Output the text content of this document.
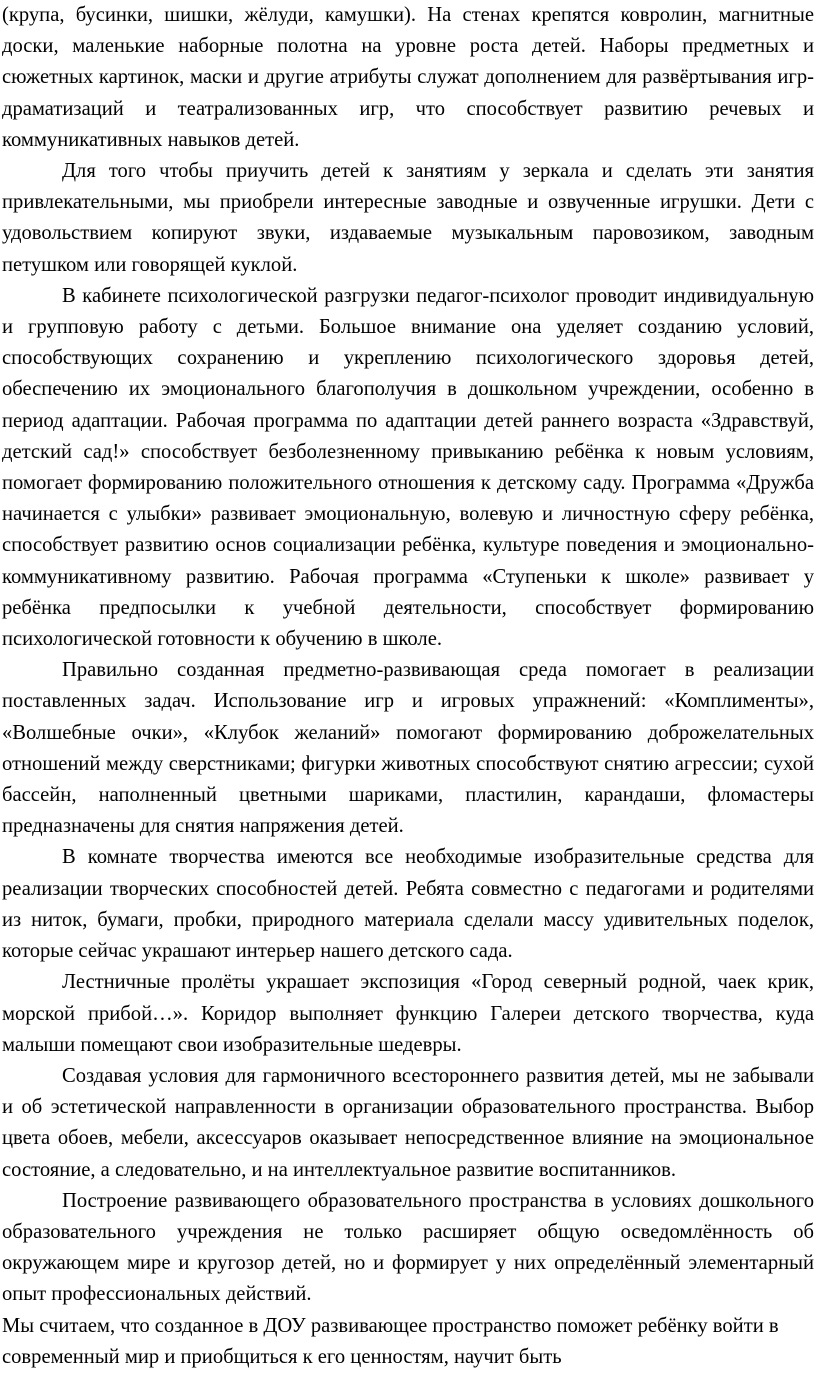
(крупа, бусинки, шишки, жёлуди, камушки). На стенах крепятся ковролин, магнитные доски, маленькие наборные полотна на уровне роста детей. Наборы предметных и сюжетных картинок, маски и другие атрибуты служат дополнением для развёртывания игр-драматизаций и театрализованных игр, что способствует развитию речевых и коммуникативных навыков детей.

Для того чтобы приучить детей к занятиям у зеркала и сделать эти занятия привлекательными, мы приобрели интересные заводные и озвученные игрушки. Дети с удовольствием копируют звуки, издаваемые музыкальным паровозиком, заводным петушком или говорящей куклой.

В кабинете психологической разгрузки педагог-психолог проводит индивидуальную и групповую работу с детьми. Большое внимание она уделяет созданию условий, способствующих сохранению и укреплению психологического здоровья детей, обеспечению их эмоционального благополучия в дошкольном учреждении, особенно в период адаптации. Рабочая программа по адаптации детей раннего возраста «Здравствуй, детский сад!» способствует безболезненному привыканию ребёнка к новым условиям, помогает формированию положительного отношения к детскому саду. Программа «Дружба начинается с улыбки» развивает эмоциональную, волевую и личностную сферу ребёнка, способствует развитию основ социализации ребёнка, культуре поведения и эмоционально-коммуникативному развитию. Рабочая программа «Ступеньки к школе» развивает у ребёнка предпосылки к учебной деятельности, способствует формированию психологической готовности к обучению в школе.

Правильно созданная предметно-развивающая среда помогает в реализации поставленных задач. Использование игр и игровых упражнений: «Комплименты», «Волшебные очки», «Клубок желаний» помогают формированию доброжелательных отношений между сверстниками; фигурки животных способствуют снятию агрессии; сухой бассейн, наполненный цветными шариками, пластилин, карандаши, фломастеры предназначены для снятия напряжения детей.

В комнате творчества имеются все необходимые изобразительные средства для реализации творческих способностей детей. Ребята совместно с педагогами и родителями из ниток, бумаги, пробки, природного материала сделали массу удивительных поделок, которые сейчас украшают интерьер нашего детского сада.

Лестничные пролёты украшает экспозиция «Город северный родной, чаек крик, морской прибой…». Коридор выполняет функцию Галереи детского творчества, куда малыши помещают свои изобразительные шедевры.

Создавая условия для гармоничного всестороннего развития детей, мы не забывали и об эстетической направленности в организации образовательного пространства. Выбор цвета обоев, мебели, аксессуаров оказывает непосредственное влияние на эмоциональное состояние, а следовательно, и на интеллектуальное развитие воспитанников.

Построение развивающего образовательного пространства в условиях дошкольного образовательного учреждения не только расширяет общую осведомлённость об окружающем мире и кругозор детей, но и формирует у них определённый элементарный опыт профессиональных действий.

Мы считаем, что созданное в ДОУ развивающее пространство поможет ребёнку войти в современный мир и приобщиться к его ценностям, научит быть
